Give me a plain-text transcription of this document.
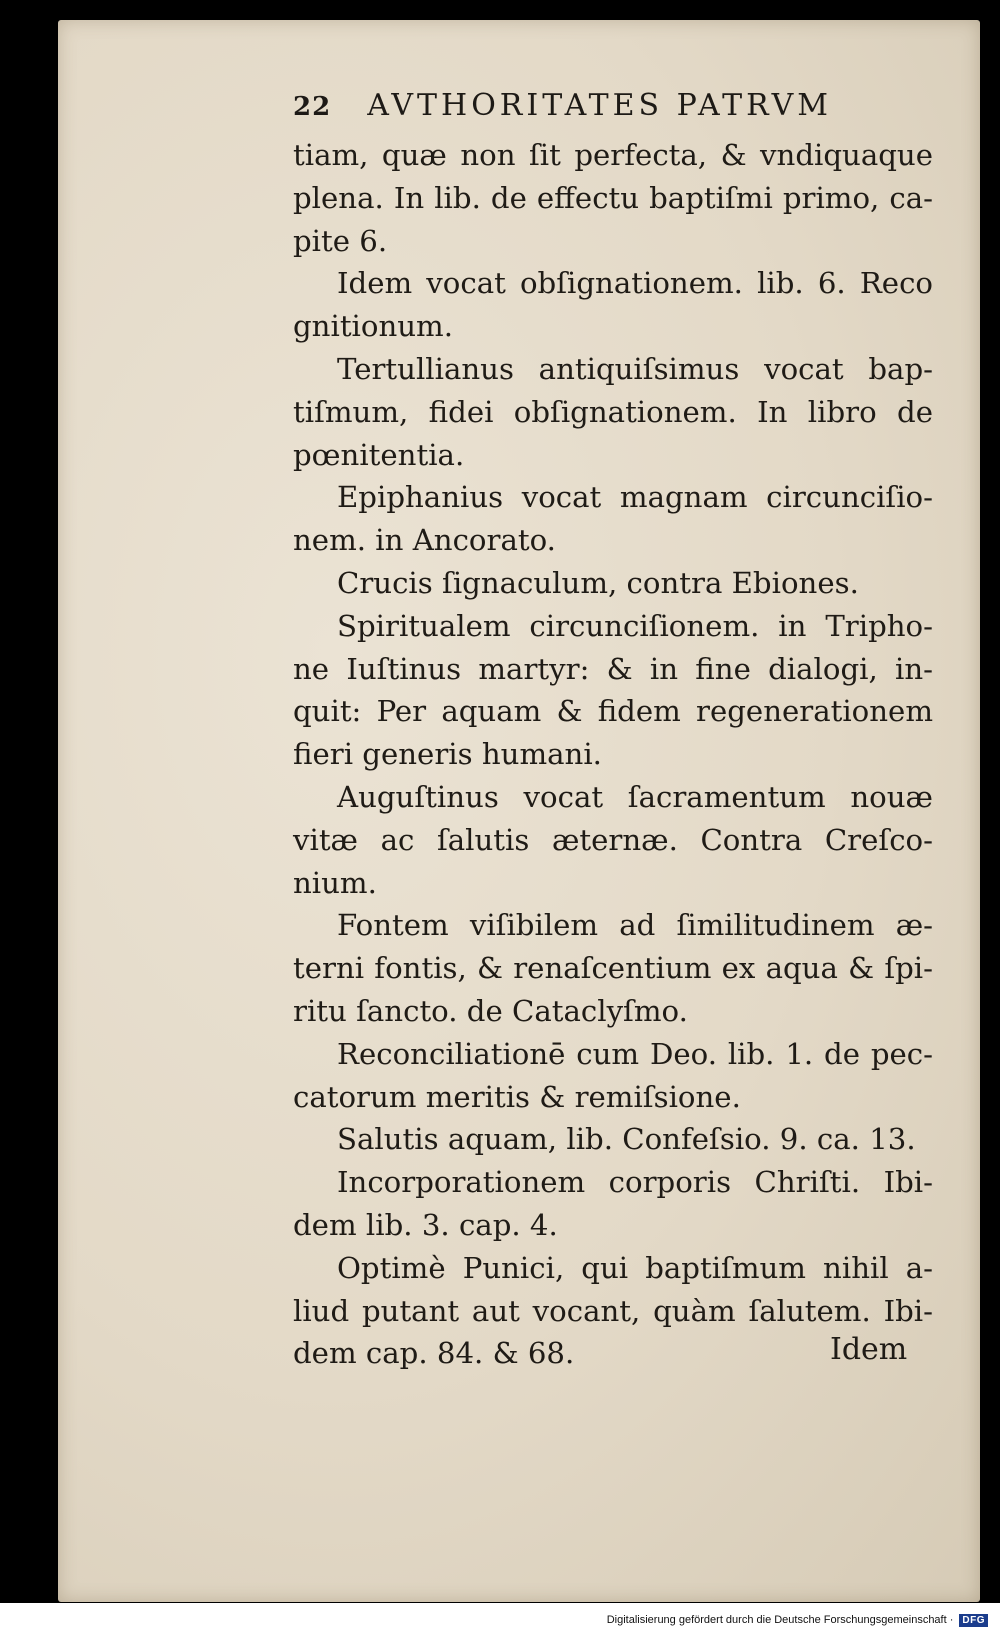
22 AVTHORITATES PATRVM
tiam, quæ non ſit perfecta, & vndiquaque
plena. In lib. de effectu baptiſmi primo, ca-
pite 6.
Idem vocat obſignationem. lib. 6. Reco
gnitionum.
Tertullianus antiquiſsimus vocat bap-
tiſmum, fidei obſignationem. In libro de
pœnitentia.
Epiphanius vocat magnam circunciſio-
nem. in Ancorato.
Crucis ſignaculum, contra Ebiones.
Spiritualem circunciſionem. in Tripho-
ne Iuſtinus martyr: & in fine dialogi, in-
quit: Per aquam & fidem regenerationem
fieri generis humani.
Auguſtinus vocat ſacramentum nouæ
vitæ ac ſalutis æternæ. Contra Creſco-
nium.
Fontem viſibilem ad ſimilitudinem æ-
terni fontis, & renaſcentium ex aqua & ſpi-
ritu ſancto. de Cataclyſmo.
Reconciliationē cum Deo. lib. 1. de pec-
catorum meritis & remiſsione.
Salutis aquam, lib. Confeſsio. 9. ca. 13.
Incorporationem corporis Chriſti. Ibi-
dem lib. 3. cap. 4.
Optimè Punici, qui baptiſmum nihil a-
liud putant aut vocant, quàm ſalutem. Ibi-
dem cap. 84. & 68.	Idem
Digitalisierung gefördert durch die Deutsche Forschungsgemeinschaft · DFG
